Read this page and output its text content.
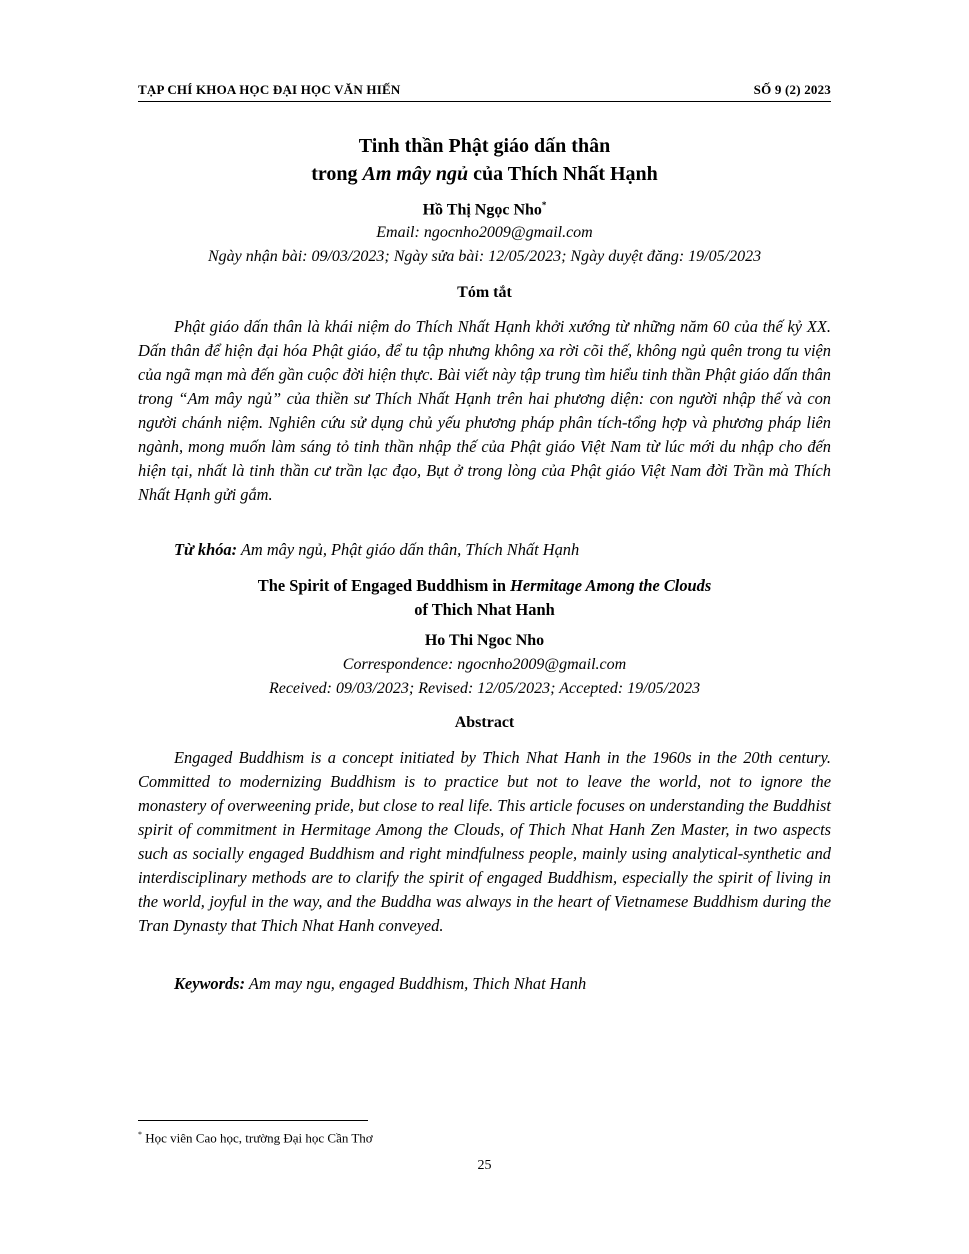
TẠP CHÍ KHOA HỌC ĐẠI HỌC VĂN HIẾN	SỐ 9 (2) 2023
Tinh thần Phật giáo dấn thân
trong Am mây ngủ của Thích Nhất Hạnh
Hồ Thị Ngọc Nho*
Email: ngocnho2009@gmail.com
Ngày nhận bài: 09/03/2023; Ngày sửa bài: 12/05/2023; Ngày duyệt đăng: 19/05/2023
Tóm tắt

Phật giáo dấn thân là khái niệm do Thích Nhất Hạnh khởi xướng từ những năm 60 của thế kỷ XX. Dấn thân để hiện đại hóa Phật giáo, để tu tập nhưng không xa rời cõi thế, không ngủ quên trong tu viện của ngã mạn mà đến gần cuộc đời hiện thực. Bài viết này tập trung tìm hiểu tinh thần Phật giáo dấn thân trong “Am mây ngủ” của thiền sư Thích Nhất Hạnh trên hai phương diện: con người nhập thế và con người chánh niệm. Nghiên cứu sử dụng chủ yếu phương pháp phân tích-tổng hợp và phương pháp liên ngành, mong muốn làm sáng tỏ tinh thần nhập thế của Phật giáo Việt Nam từ lúc mới du nhập cho đến hiện tại, nhất là tinh thần cư trần lạc đạo, Bụt ở trong lòng của Phật giáo Việt Nam đời Trần mà Thích Nhất Hạnh gửi gắm.

Từ khóa: Am mây ngủ, Phật giáo dấn thân, Thích Nhất Hạnh
The Spirit of Engaged Buddhism in Hermitage Among the Clouds
of Thich Nhat Hanh
Ho Thi Ngoc Nho
Correspondence: ngocnho2009@gmail.com
Received: 09/03/2023; Revised: 12/05/2023; Accepted: 19/05/2023
Abstract

Engaged Buddhism is a concept initiated by Thich Nhat Hanh in the 1960s in the 20th century. Committed to modernizing Buddhism is to practice but not to leave the world, not to ignore the monastery of overweening pride, but close to real life. This article focuses on understanding the Buddhist spirit of commitment in Hermitage Among the Clouds, of Thich Nhat Hanh Zen Master, in two aspects such as socially engaged Buddhism and right mindfulness people, mainly using analytical-synthetic and interdisciplinary methods are to clarify the spirit of engaged Buddhism, especially the spirit of living in the world, joyful in the way, and the Buddha was always in the heart of Vietnamese Buddhism during the Tran Dynasty that Thich Nhat Hanh conveyed.

Keywords: Am may ngu, engaged Buddhism, Thich Nhat Hanh
* Học viên Cao học, trường Đại học Cần Thơ
25
